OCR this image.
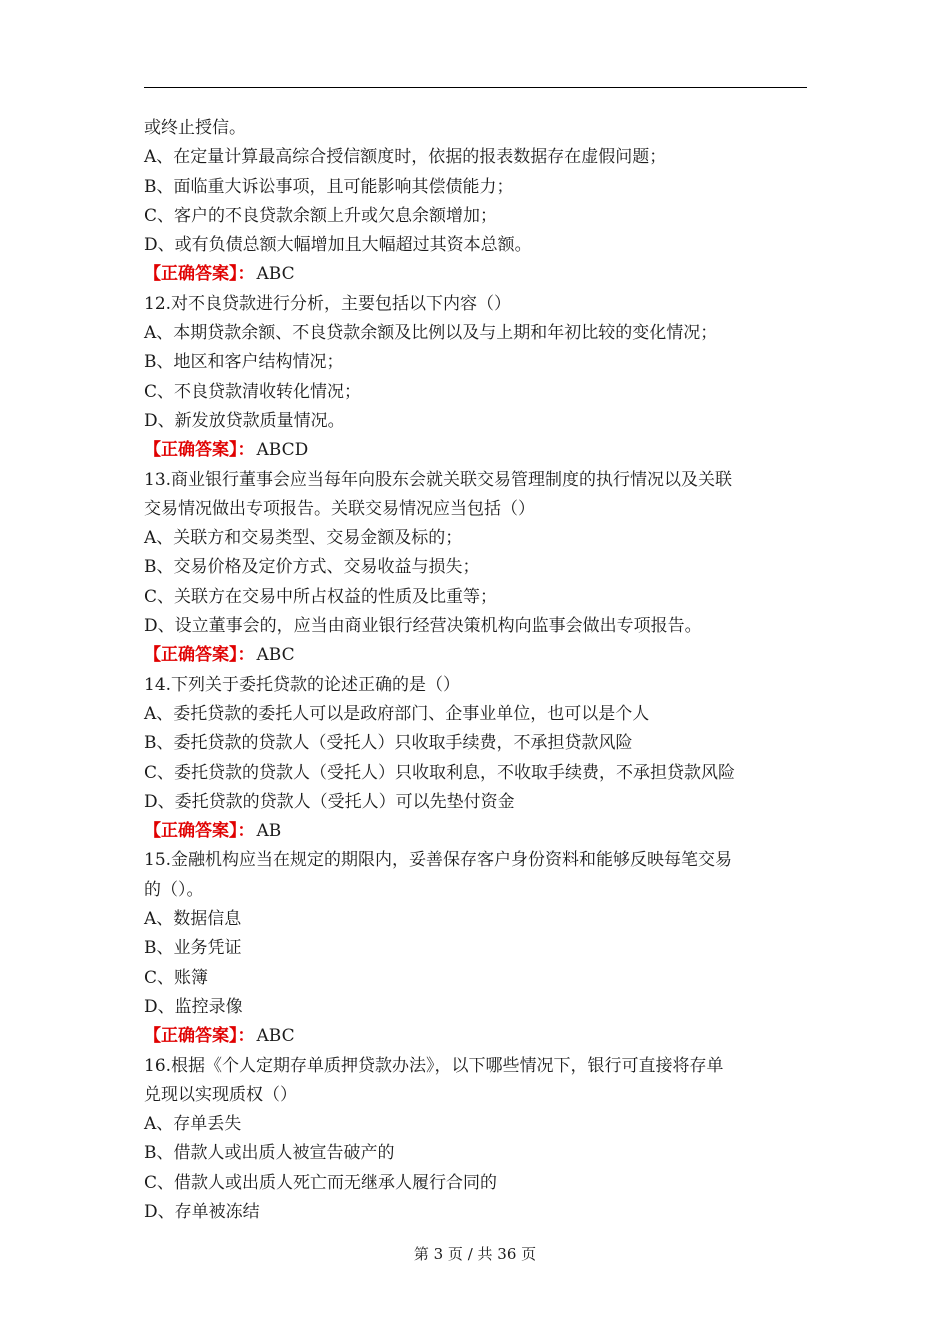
或终止授信。
A、在定量计算最高综合授信额度时，依据的报表数据存在虚假问题；
B、面临重大诉讼事项，且可能影响其偿债能力；
C、客户的不良贷款余额上升或欠息余额增加；
D、或有负债总额大幅增加且大幅超过其资本总额。
【正确答案】： ABC
12.对不良贷款进行分析，主要包括以下内容（）
A、本期贷款余额、不良贷款余额及比例以及与上期和年初比较的变化情况；
B、地区和客户结构情况；
C、不良贷款清收转化情况；
D、新发放贷款质量情况。
【正确答案】： ABCD
13.商业银行董事会应当每年向股东会就关联交易管理制度的执行情况以及关联
交易情况做出专项报告。关联交易情况应当包括（）
A、关联方和交易类型、交易金额及标的；
B、交易价格及定价方式、交易收益与损失；
C、关联方在交易中所占权益的性质及比重等；
D、设立董事会的，应当由商业银行经营决策机构向监事会做出专项报告。
【正确答案】： ABC
14.下列关于委托贷款的论述正确的是（）
A、委托贷款的委托人可以是政府部门、企事业单位，也可以是个人
B、委托贷款的贷款人（受托人）只收取手续费，不承担贷款风险
C、委托贷款的贷款人（受托人）只收取利息，不收取手续费，不承担贷款风险
D、委托贷款的贷款人（受托人）可以先垫付资金
【正确答案】： AB
15.金融机构应当在规定的期限内，妥善保存客户身份资料和能够反映每笔交易
的（）。
A、数据信息
B、业务凭证
C、账簿
D、监控录像
【正确答案】： ABC
16.根据《个人定期存单质押贷款办法》，以下哪些情况下，银行可直接将存单
兑现以实现质权（）
A、存单丢失
B、借款人或出质人被宣告破产的
C、借款人或出质人死亡而无继承人履行合同的
D、存单被冻结
第 3 页 / 共 36 页
